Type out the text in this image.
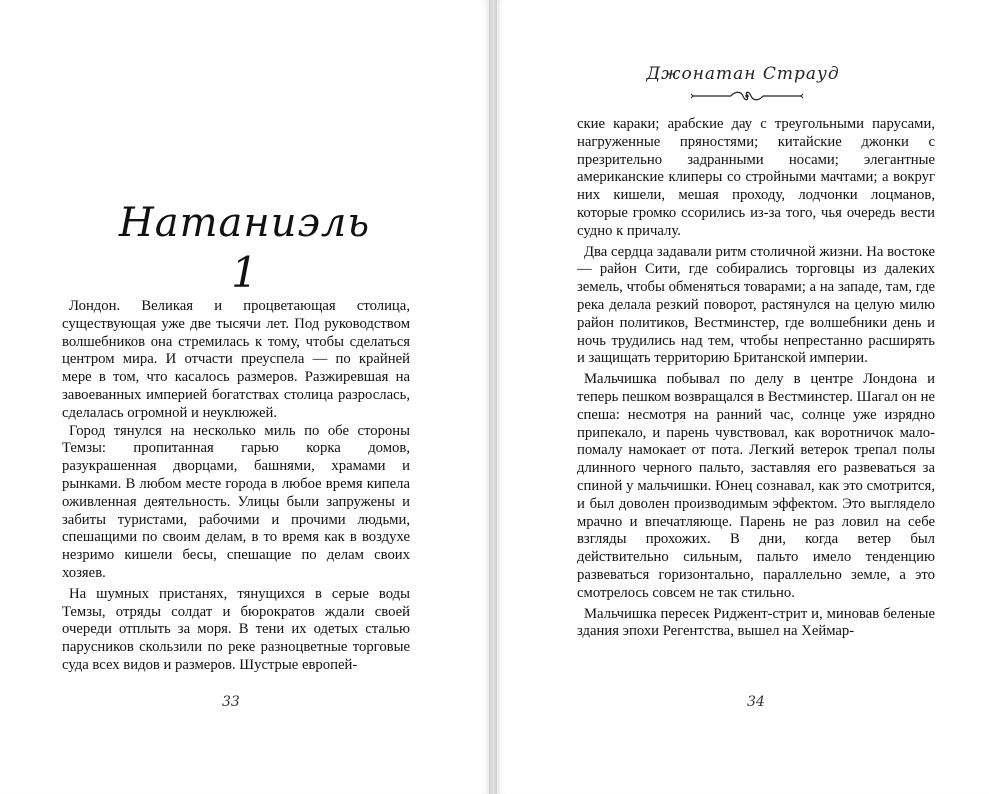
Натаниэль
1

Лондон. Великая и процветающая столица, существующая уже две тысячи лет. Под руководством волшебников она стремилась к тому, чтобы сделаться центром мира. И отчасти преуспела — по крайней мере в том, что касалось размеров. Разжиревшая на завоеванных империей богатствах столица разрослась, сделалась огромной и неуклюжей.

Город тянулся на несколько миль по обе стороны Темзы: пропитанная гарью корка домов, разукрашенная дворцами, башнями, храмами и рынками. В любом месте города в любое время кипела оживленная деятельность. Улицы были запружены и забиты туристами, рабочими и прочими людьми, спешащими по своим делам, в то время как в воздухе незримо кишели бесы, спешащие по делам своих хозяев.

На шумных пристанях, тянущихся в серые воды Темзы, отряды солдат и бюрократов ждали своей очереди отплыть за моря. В тени их одетых сталью парусников скользили по реке разноцветные торговые суда всех видов и размеров. Шустрые европей-

33
Джонатан Страуд

ские караки; арабские дау с треугольными парусами, нагруженные пряностями; китайские джонки с презрительно задранными носами; элегантные американские клиперы со стройными мачтами; а вокруг них кишели, мешая проходу, лодчонки лоцманов, которые громко ссорились из-за того, чья очередь вести судно к причалу.

Два сердца задавали ритм столичной жизни. На востоке — район Сити, где собирались торговцы из далеких земель, чтобы обменяться товарами; а на западе, там, где река делала резкий поворот, растянулся на целую милю район политиков, Вестминстер, где волшебники день и ночь трудились над тем, чтобы непрестанно расширять и защищать территорию Британской империи.

Мальчишка побывал по делу в центре Лондона и теперь пешком возвращался в Вестминстер. Шагал он не спеша: несмотря на ранний час, солнце уже изрядно припекало, и парень чувствовал, как воротничок мало-помалу намокает от пота. Легкий ветерок трепал полы длинного черного пальто, заставляя его развеваться за спиной у мальчишки. Юнец сознавал, как это смотрится, и был доволен производимым эффектом. Это выглядело мрачно и впечатляюще. Парень не раз ловил на себе взгляды прохожих. В дни, когда ветер был действительно сильным, пальто имело тенденцию развеваться горизонтально, параллельно земле, а это смотрелось совсем не так стильно.

Мальчишка пересек Риджент-стрит и, миновав беленые здания эпохи Регентства, вышел на Хеймар-

34
